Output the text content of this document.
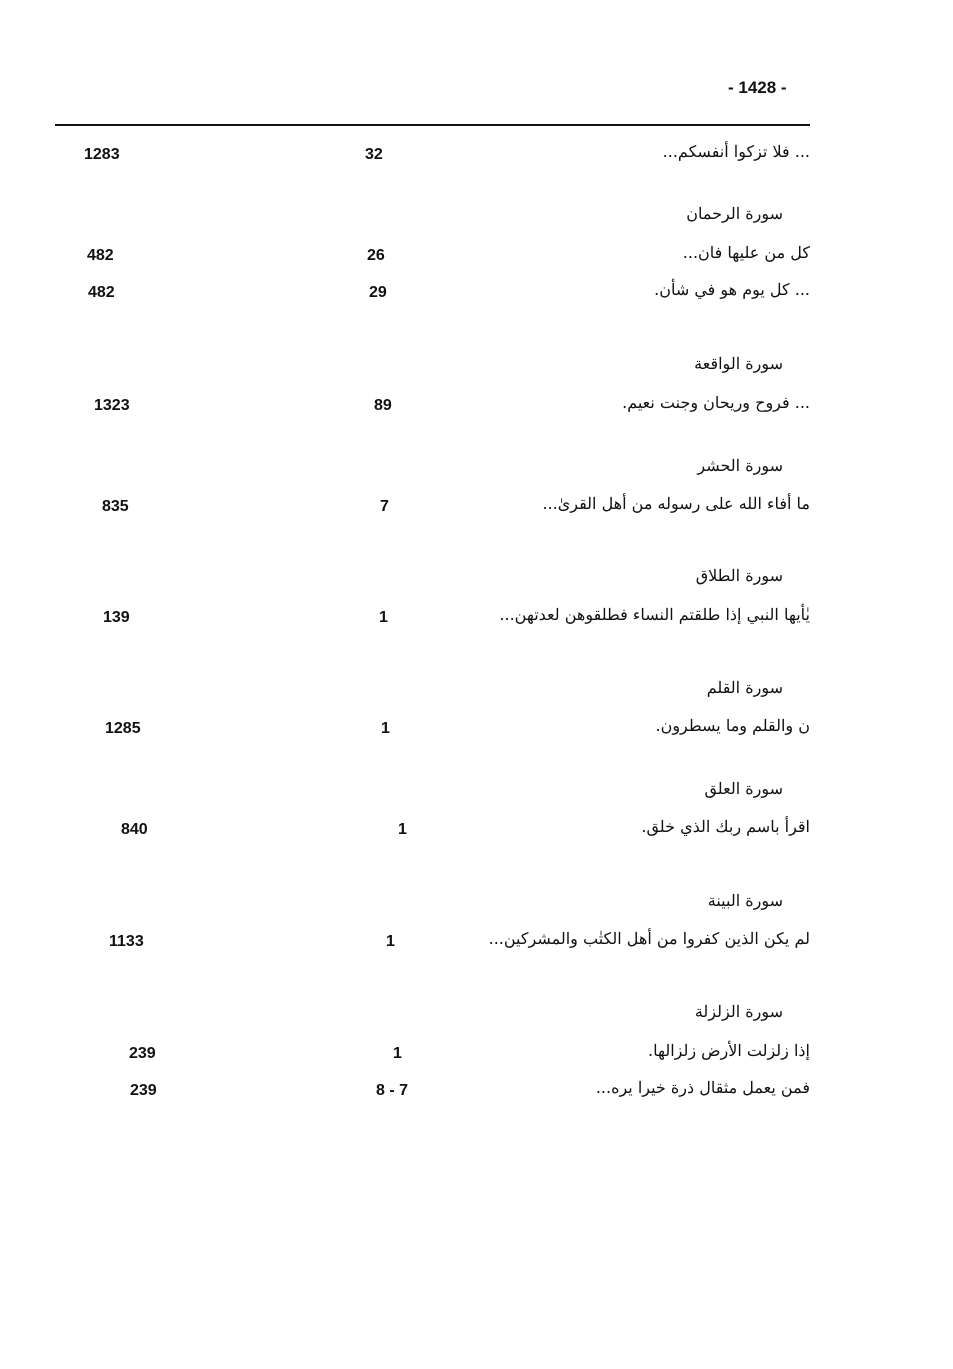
- 1428 -
... فلا تزكوا أنفسكم...
32
1283
سورة الرحمان
كل من عليها فان...
26
482
... كل يوم هو في شأن.
29
482
سورة الواقعة
... فروح وريحان وجنت نعيم.
89
1323
سورة الحشر
ما أفاء الله على رسوله من أهل القرىٰ...
7
835
سورة الطلاق
يٰأيها النبي إذا طلقتم النساء فطلقوهن لعدتهن...
1
139
سورة القلم
ن والقلم وما يسطرون.
1
1285
سورة العلق
اقرأ باسم ربك الذي خلق.
1
840
سورة البينة
لم يكن الذين كفروا من أهل الكتٰب والمشركين...
1
1133
سورة الزلزلة
إذا زلزلت الأرض زلزالها.
1
239
فمن يعمل مثقال ذرة خيرا يره...
8 - 7
239
